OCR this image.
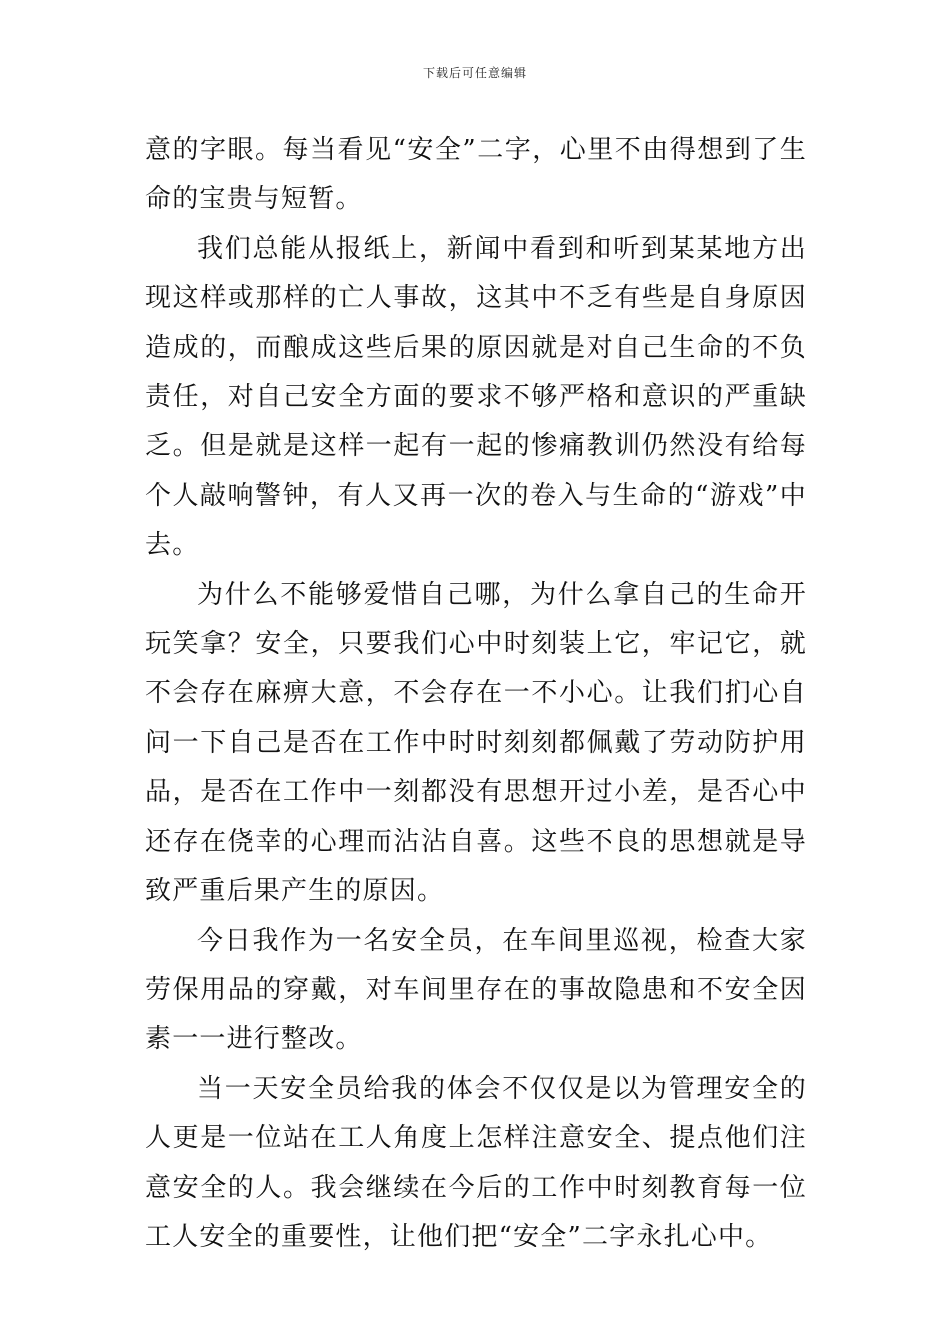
下载后可任意编辑

意的字眼。每当看见“安全”二字，心里不由得想到了生命的宝贵与短暂。

我们总能从报纸上，新闻中看到和听到某某地方出现这样或那样的亡人事故，这其中不乏有些是自身原因造成的，而酿成这些后果的原因就是对自己生命的不负责任，对自己安全方面的要求不够严格和意识的严重缺乏。但是就是这样一起有一起的惨痛教训仍然没有给每个人敲响警钟，有人又再一次的卷入与生命的“游戏”中去。

为什么不能够爱惜自己哪，为什么拿自己的生命开玩笑拿？安全，只要我们心中时刻装上它，牢记它，就不会存在麻痹大意，不会存在一不小心。让我们扪心自问一下自己是否在工作中时时刻刻都佩戴了劳动防护用品，是否在工作中一刻都没有思想开过小差，是否心中还存在侥幸的心理而沾沾自喜。这些不良的思想就是导致严重后果产生的原因。

今日我作为一名安全员，在车间里巡视，检查大家劳保用品的穿戴，对车间里存在的事故隐患和不安全因素一一进行整改。

当一天安全员给我的体会不仅仅是以为管理安全的人更是一位站在工人角度上怎样注意安全、提点他们注意安全的人。我会继续在今后的工作中时刻教育每一位工人安全的重要性，让他们把“安全”二字永扎心中。
